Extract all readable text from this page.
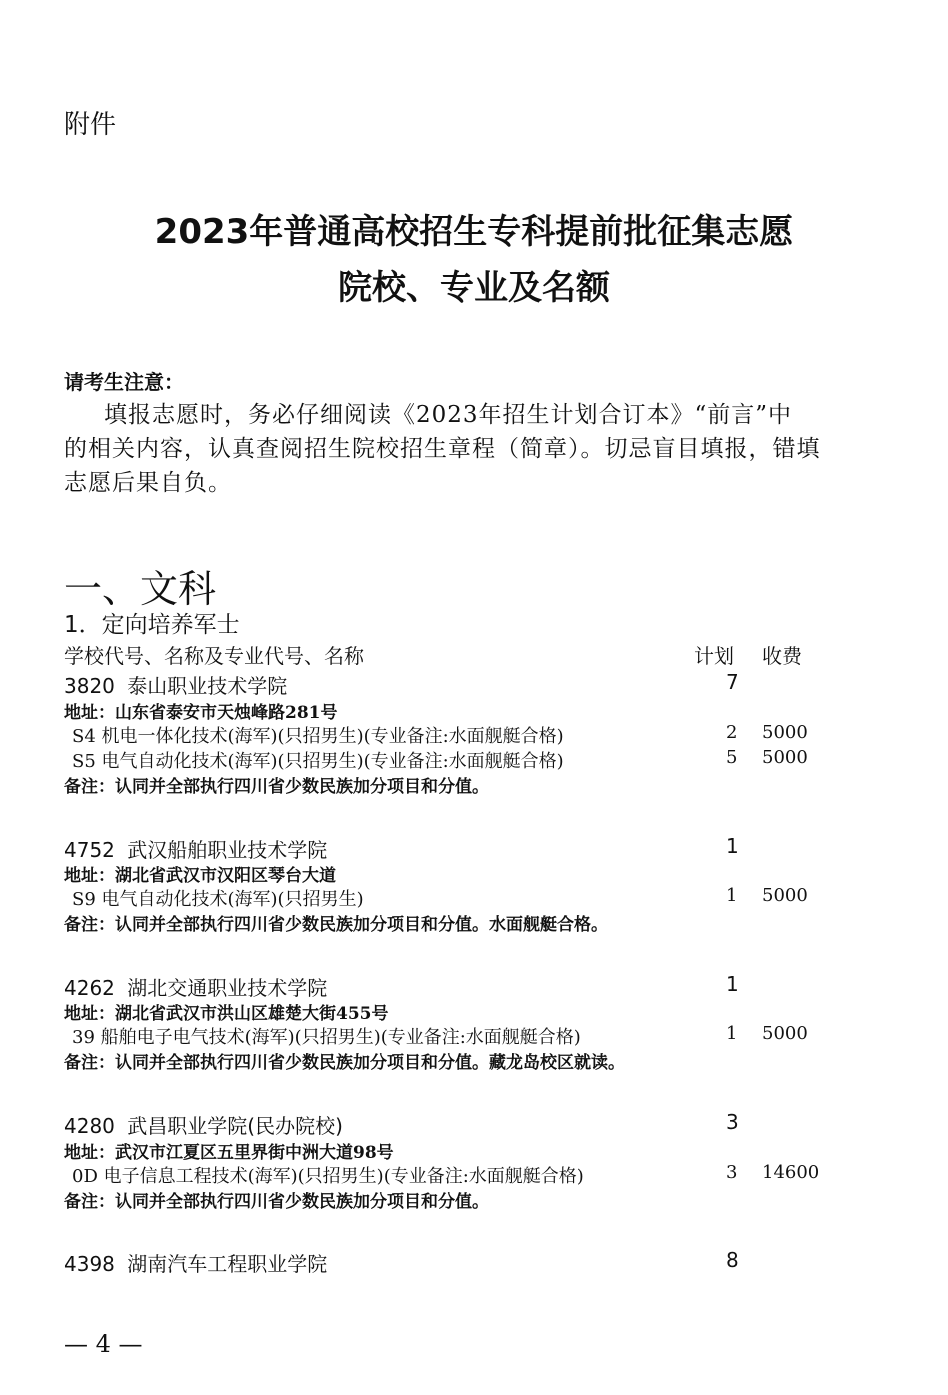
附件
2023年普通高校招生专科提前批征集志愿
院校、专业及名额
请考生注意：
填报志愿时，务必仔细阅读《2023年招生计划合订本》“前言”中
的相关内容，认真查阅招生院校招生章程（简章）。切忌盲目填报，错填
志愿后果自负。
一、文科
1．定向培养军士
学校代号、名称及专业代号、名称	计划 收费
3820 泰山职业技术学院	7
地址：山东省泰安市天烛峰路281号
S4 机电一体化技术(海军)(只招男生)(专业备注:水面舰艇合格)	2 5000
S5 电气自动化技术(海军)(只招男生)(专业备注:水面舰艇合格)	5 5000
备注：认同并全部执行四川省少数民族加分项目和分值。
4752 武汉船舶职业技术学院	1
地址：湖北省武汉市汉阳区琴台大道
S9 电气自动化技术(海军)(只招男生)	1 5000
备注：认同并全部执行四川省少数民族加分项目和分值。水面舰艇合格。
4262 湖北交通职业技术学院	1
地址：湖北省武汉市洪山区雄楚大街455号
39 船舶电子电气技术(海军)(只招男生)(专业备注:水面舰艇合格)	1 5000
备注：认同并全部执行四川省少数民族加分项目和分值。藏龙岛校区就读。
4280 武昌职业学院(民办院校)	3
地址：武汉市江夏区五里界街中洲大道98号
0D 电子信息工程技术(海军)(只招男生)(专业备注:水面舰艇合格)	3 14600
备注：认同并全部执行四川省少数民族加分项目和分值。
4398 湖南汽车工程职业学院	8
— 4 —
